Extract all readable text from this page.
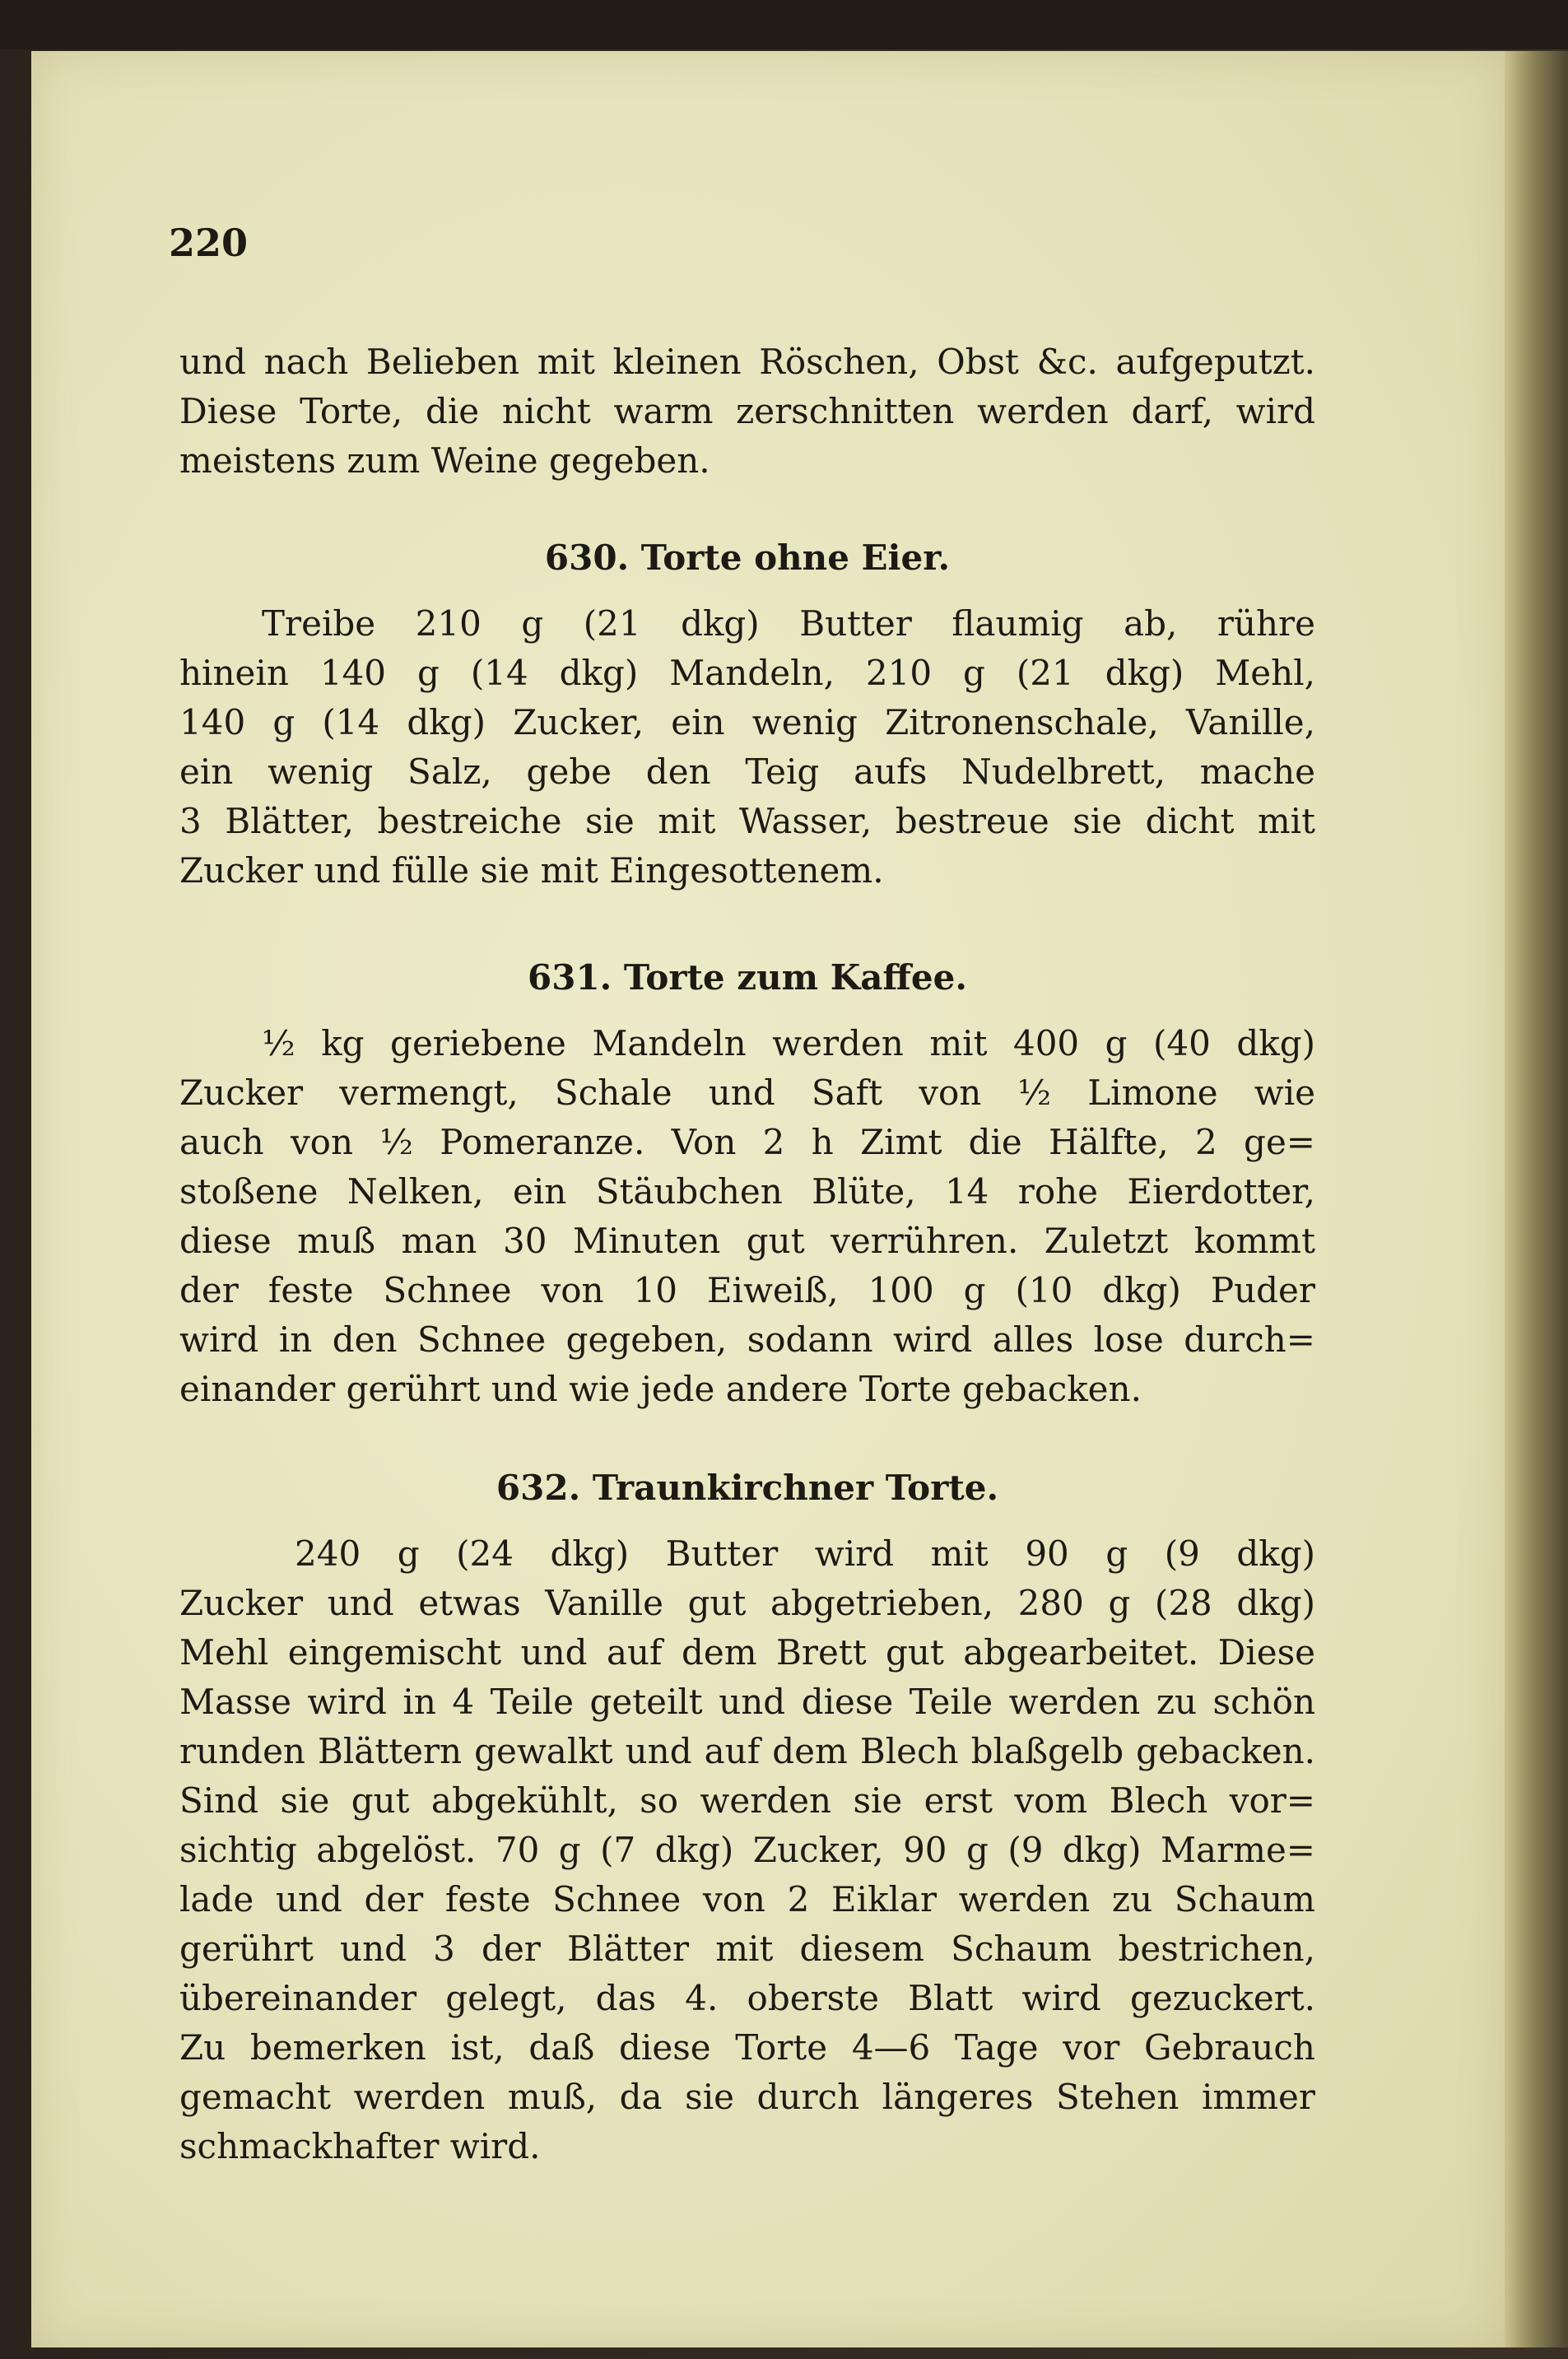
220
und nach Belieben mit kleinen Röschen, Obst &c. aufgeputzt.
Diese Torte, die nicht warm zerschnitten werden darf, wird
meistens zum Weine gegeben.
630. Torte ohne Eier.
Treibe 210 g (21 dkg) Butter flaumig ab, rühre
hinein 140 g (14 dkg) Mandeln, 210 g (21 dkg) Mehl,
140 g (14 dkg) Zucker, ein wenig Zitronenschale, Vanille,
ein wenig Salz, gebe den Teig aufs Nudelbrett, mache
3 Blätter, bestreiche sie mit Wasser, bestreue sie dicht mit
Zucker und fülle sie mit Eingesottenem.
631. Torte zum Kaffee.
½ kg geriebene Mandeln werden mit 400 g (40 dkg)
Zucker vermengt, Schale und Saft von ½ Limone wie
auch von ½ Pomeranze. Von 2 h Zimt die Hälfte, 2 ge=
stoßene Nelken, ein Stäubchen Blüte, 14 rohe Eierdotter,
diese muß man 30 Minuten gut verrühren. Zuletzt kommt
der feste Schnee von 10 Eiweiß, 100 g (10 dkg) Puder
wird in den Schnee gegeben, sodann wird alles lose durch=
einander gerührt und wie jede andere Torte gebacken.
632. Traunkirchner Torte.
240 g (24 dkg) Butter wird mit 90 g (9 dkg)
Zucker und etwas Vanille gut abgetrieben, 280 g (28 dkg)
Mehl eingemischt und auf dem Brett gut abgearbeitet. Diese
Masse wird in 4 Teile geteilt und diese Teile werden zu schön
runden Blättern gewalkt und auf dem Blech blaßgelb gebacken.
Sind sie gut abgekühlt, so werden sie erst vom Blech vor=
sichtig abgelöst. 70 g (7 dkg) Zucker, 90 g (9 dkg) Marme=
lade und der feste Schnee von 2 Eiklar werden zu Schaum
gerührt und 3 der Blätter mit diesem Schaum bestrichen,
übereinander gelegt, das 4. oberste Blatt wird gezuckert.
Zu bemerken ist, daß diese Torte 4—6 Tage vor Gebrauch
gemacht werden muß, da sie durch längeres Stehen immer
schmackhafter wird.
